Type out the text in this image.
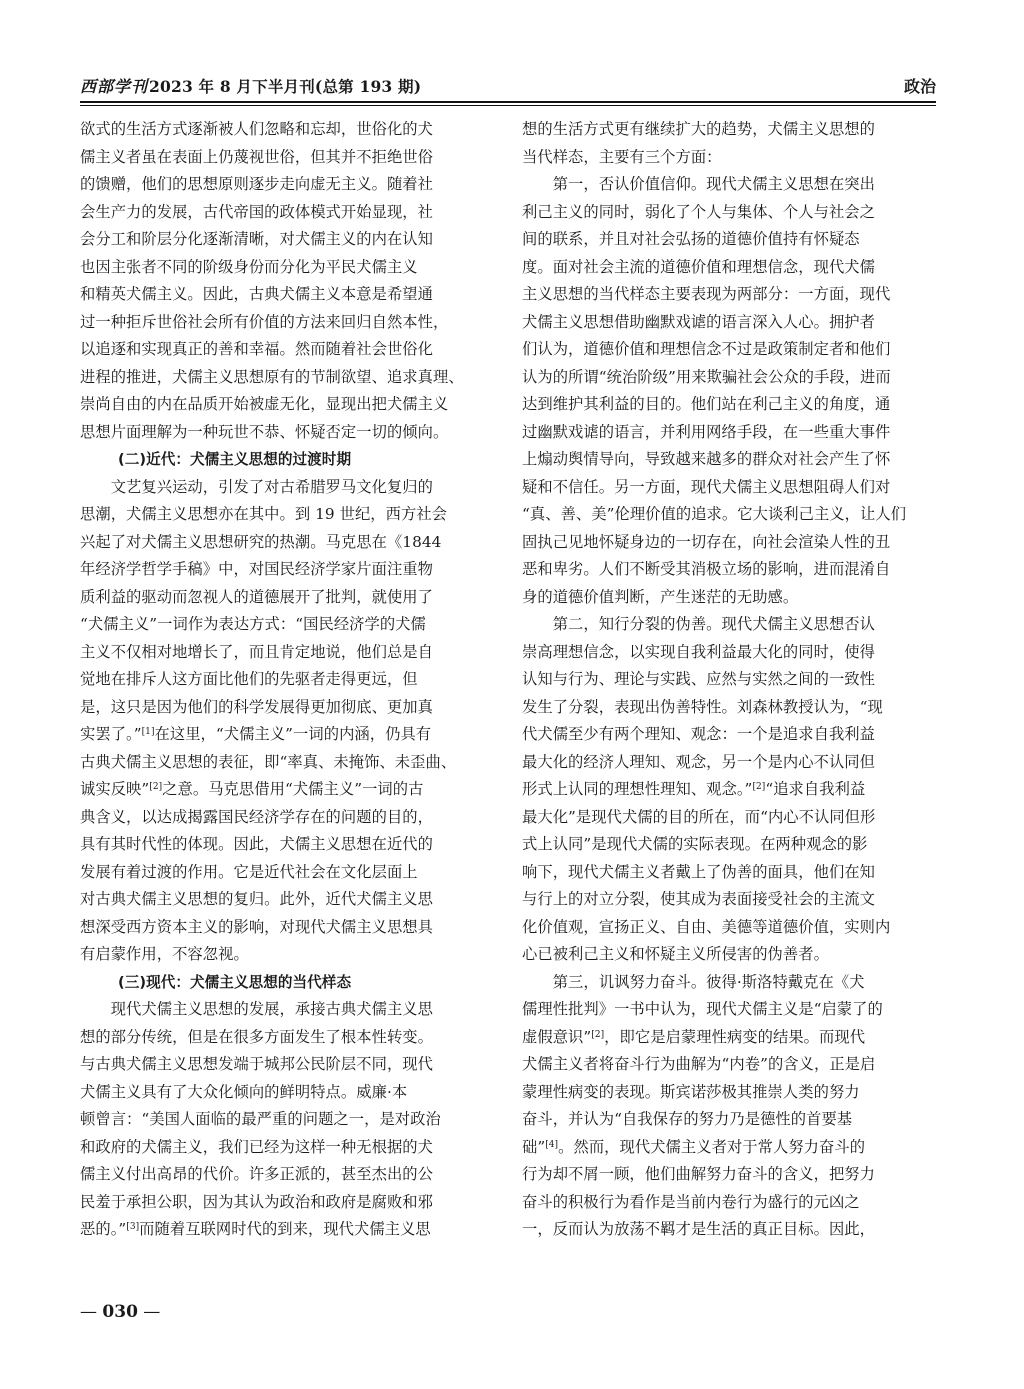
西部学刊2023 年 8 月下半月刊(总第 193 期)	政治
欲式的生活方式逐渐被人们忽略和忘却，世俗化的犬
儒主义者虽在表面上仍蔑视世俗，但其并不拒绝世俗
的馈赠，他们的思想原则逐步走向虚无主义。随着社
会生产力的发展，古代帝国的政体模式开始显现，社
会分工和阶层分化逐渐清晰，对犬儒主义的内在认知
也因主张者不同的阶级身份而分化为平民犬儒主义
和精英犬儒主义。因此，古典犬儒主义本意是希望通
过一种拒斥世俗社会所有价值的方法来回归自然本性，
以追逐和实现真正的善和幸福。然而随着社会世俗化
进程的推进，犬儒主义思想原有的节制欲望、追求真理、
崇尚自由的内在品质开始被虚无化，显现出把犬儒主义
思想片面理解为一种玩世不恭、怀疑否定一切的倾向。
(二)近代：犬儒主义思想的过渡时期
　　文艺复兴运动，引发了对古希腊罗马文化复归的
思潮，犬儒主义思想亦在其中。到 19 世纪，西方社会
兴起了对犬儒主义思想研究的热潮。马克思在《1844
年经济学哲学手稿》中，对国民经济学家片面注重物
质利益的驱动而忽视人的道德展开了批判，就使用了
“犬儒主义”一词作为表达方式：“国民经济学的犬儒
主义不仅相对地增长了，而且肯定地说，他们总是自
觉地在排斥人这方面比他们的先驱者走得更远，但
是，这只是因为他们的科学发展得更加彻底、更加真
实罢了。”[1]在这里，“犬儒主义”一词的内涵，仍具有
古典犬儒主义思想的表征，即“率真、未掩饰、未歪曲、
诚实反映”[2]之意。马克思借用“犬儒主义”一词的古
典含义，以达成揭露国民经济学存在的问题的目的，
具有其时代性的体现。因此，犬儒主义思想在近代的
发展有着过渡的作用。它是近代社会在文化层面上
对古典犬儒主义思想的复归。此外，近代犬儒主义思
想深受西方资本主义的影响，对现代犬儒主义思想具
有启蒙作用，不容忽视。
(三)现代：犬儒主义思想的当代样态
　　现代犬儒主义思想的发展，承接古典犬儒主义思
想的部分传统，但是在很多方面发生了根本性转变。
与古典犬儒主义思想发端于城邦公民阶层不同，现代
犬儒主义具有了大众化倾向的鲜明特点。威廉·本
顿曾言：“美国人面临的最严重的问题之一，是对政治
和政府的犬儒主义，我们已经为这样一种无根据的犬
儒主义付出高昂的代价。许多正派的，甚至杰出的公
民羞于承担公职，因为其认为政治和政府是腐败和邪
恶的。”[3]而随着互联网时代的到来，现代犬儒主义思
想的生活方式更有继续扩大的趋势，犬儒主义思想的
当代样态，主要有三个方面：
　　第一，否认价值信仰。现代犬儒主义思想在突出
利己主义的同时，弱化了个人与集体、个人与社会之
间的联系，并且对社会弘扬的道德价值持有怀疑态
度。面对社会主流的道德价值和理想信念，现代犬儒
主义思想的当代样态主要表现为两部分：一方面，现代
犬儒主义思想借助幽默戏谑的语言深入人心。拥护者
们认为，道德价值和理想信念不过是政策制定者和他们
认为的所谓“统治阶级”用来欺骗社会公众的手段，进而
达到维护其利益的目的。他们站在利己主义的角度，通
过幽默戏谑的语言，并利用网络手段，在一些重大事件
上煽动舆情导向，导致越来越多的群众对社会产生了怀
疑和不信任。另一方面，现代犬儒主义思想阻碍人们对
“真、善、美”伦理价值的追求。它大谈利己主义，让人们
固执己见地怀疑身边的一切存在，向社会渲染人性的丑
恶和卑劣。人们不断受其消极立场的影响，进而混淆自
身的道德价值判断，产生迷茫的无助感。
　　第二，知行分裂的伪善。现代犬儒主义思想否认
崇高理想信念，以实现自我利益最大化的同时，使得
认知与行为、理论与实践、应然与实然之间的一致性
发生了分裂，表现出伪善特性。刘森林教授认为，“现
代犬儒至少有两个理知、观念：一个是追求自我利益
最大化的经济人理知、观念，另一个是内心不认同但
形式上认同的理想性理知、观念。”[2]“追求自我利益
最大化”是现代犬儒的目的所在，而“内心不认同但形
式上认同”是现代犬儒的实际表现。在两种观念的影
响下，现代犬儒主义者戴上了伪善的面具，他们在知
与行上的对立分裂，使其成为表面接受社会的主流文
化价值观，宣扬正义、自由、美德等道德价值，实则内
心已被利己主义和怀疑主义所侵害的伪善者。
　　第三，讥讽努力奋斗。彼得·斯洛特戴克在《犬
儒理性批判》一书中认为，现代犬儒主义是“启蒙了的
虚假意识”[2]，即它是启蒙理性病变的结果。而现代
犬儒主义者将奋斗行为曲解为“内卷”的含义，正是启
蒙理性病变的表现。斯宾诺莎极其推崇人类的努力
奋斗，并认为“自我保存的努力乃是德性的首要基
础”[4]。然而，现代犬儒主义者对于常人努力奋斗的
行为却不屑一顾，他们曲解努力奋斗的含义，把努力
奋斗的积极行为看作是当前内卷行为盛行的元凶之
一，反而认为放荡不羁才是生活的真正目标。因此，
— 030 —
